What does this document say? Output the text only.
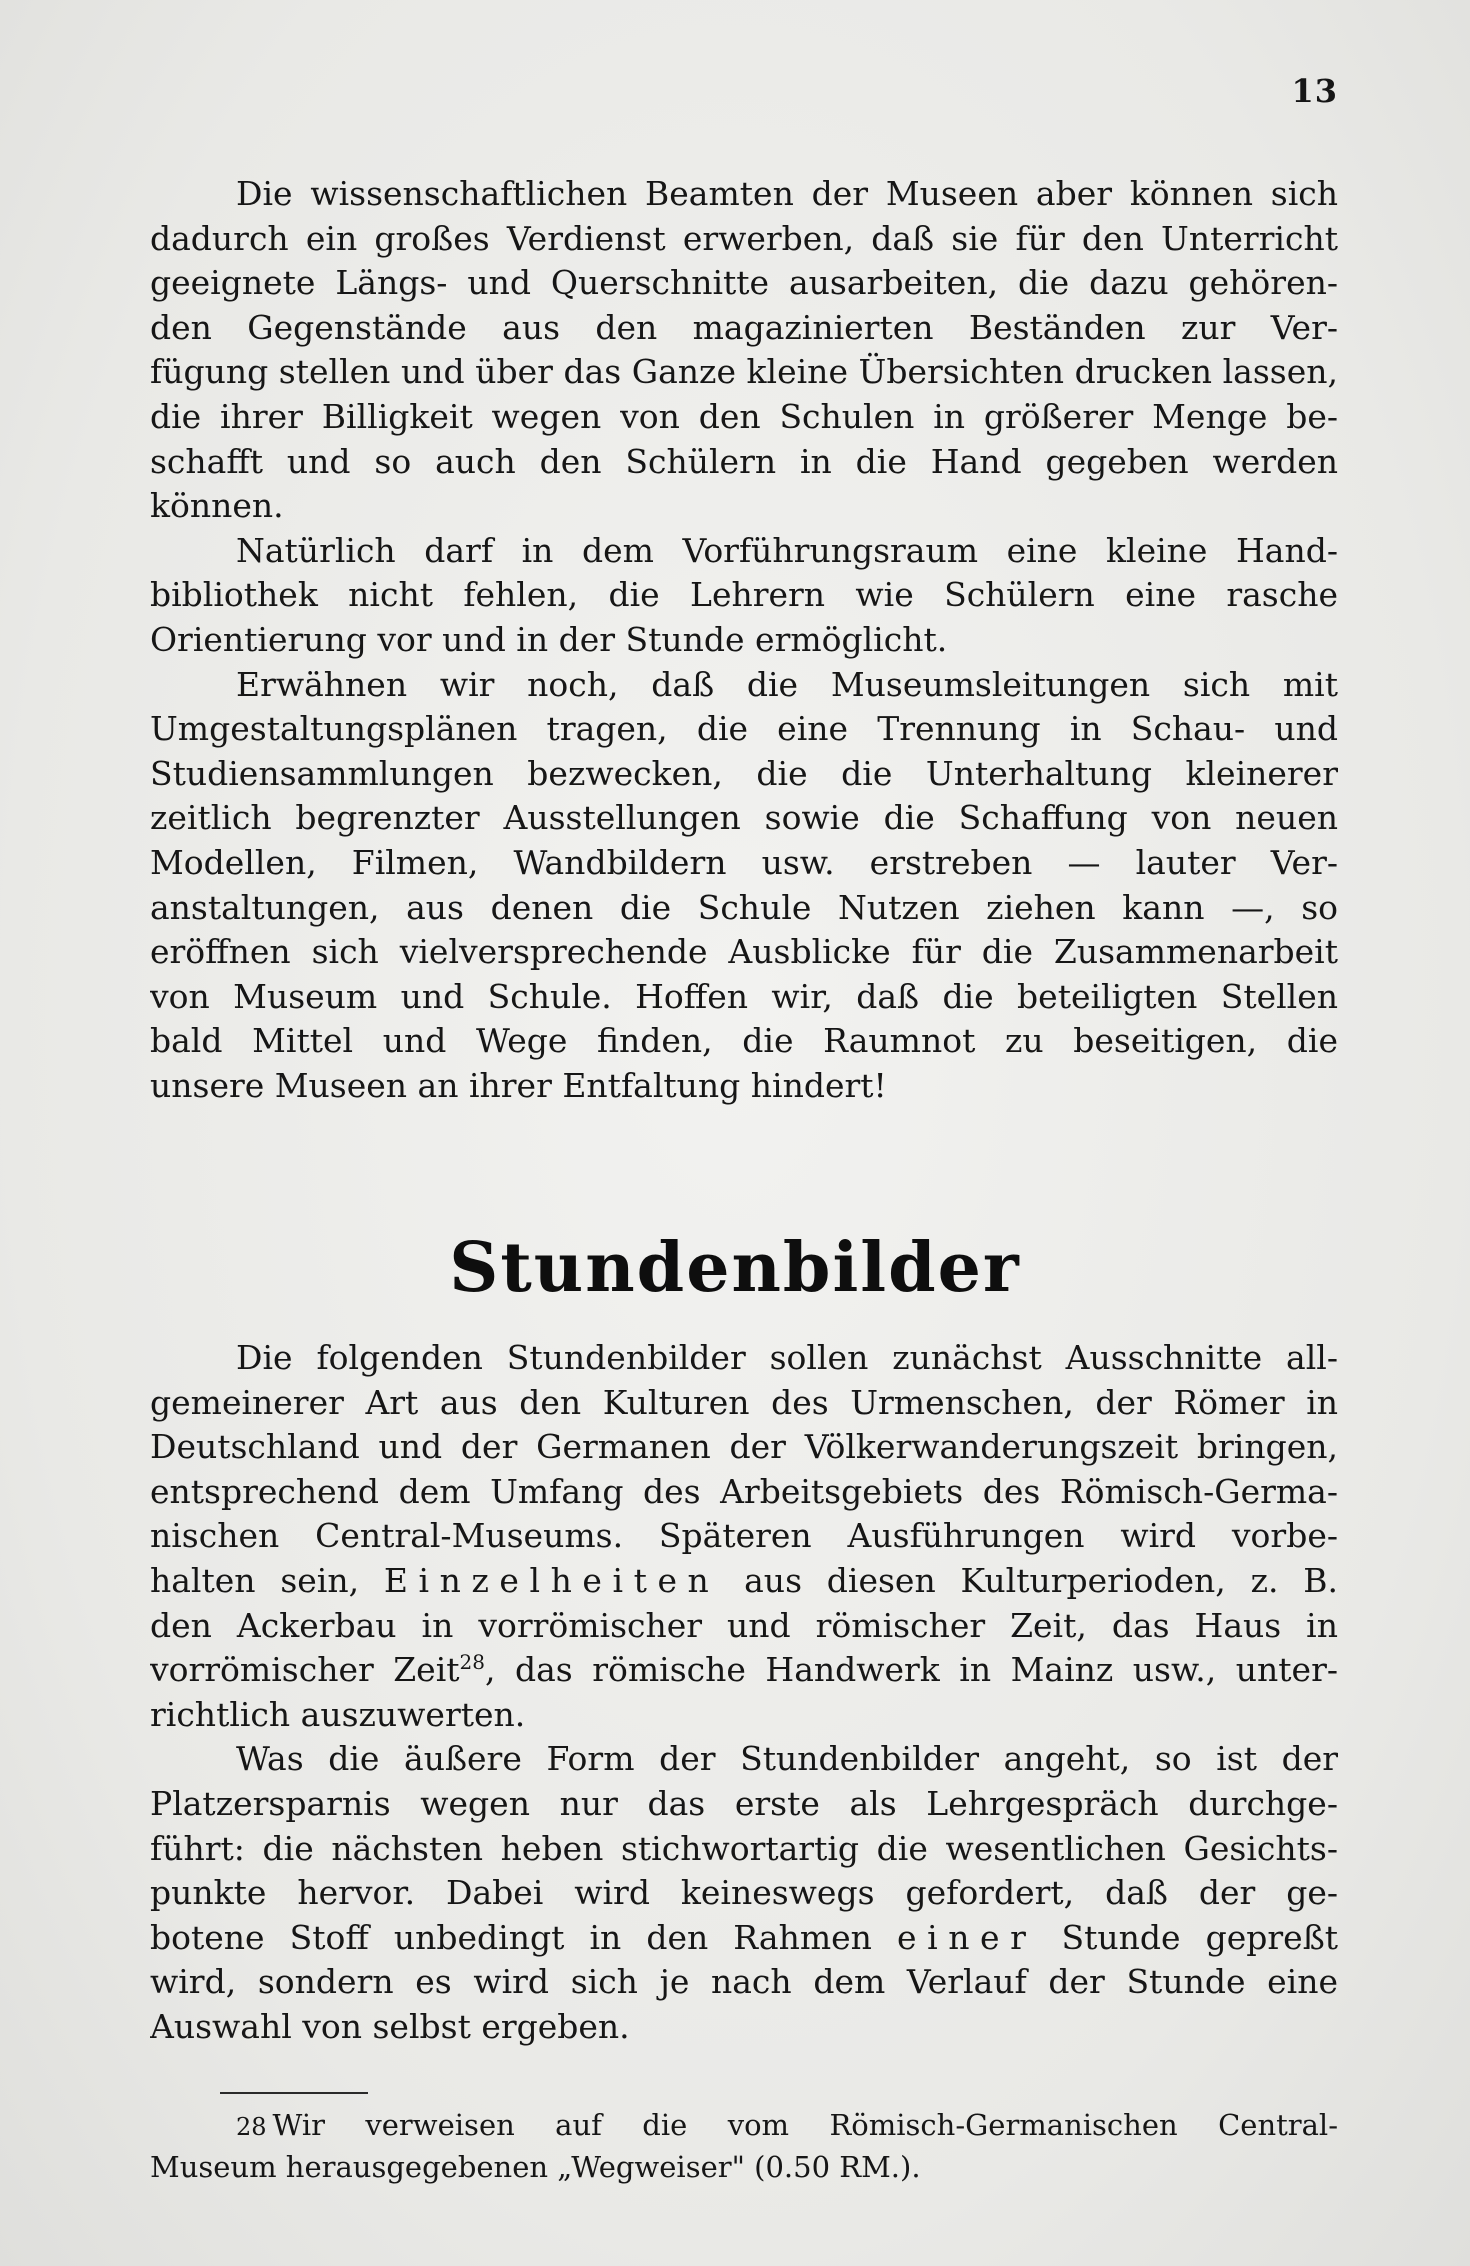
13
Die wissenschaftlichen Beamten der Museen aber können sich
dadurch ein großes Verdienst erwerben, daß sie für den Unterricht
geeignete Längs- und Querschnitte ausarbeiten, die dazu gehören-
den Gegenstände aus den magazinierten Beständen zur Ver-
fügung stellen und über das Ganze kleine Übersichten drucken lassen,
die ihrer Billigkeit wegen von den Schulen in größerer Menge be-
schafft und so auch den Schülern in die Hand gegeben werden
können.
Natürlich darf in dem Vorführungsraum eine kleine Hand-
bibliothek nicht fehlen, die Lehrern wie Schülern eine rasche
Orientierung vor und in der Stunde ermöglicht.
Erwähnen wir noch, daß die Museumsleitungen sich mit
Umgestaltungsplänen tragen, die eine Trennung in Schau- und
Studiensammlungen bezwecken, die die Unterhaltung kleinerer
zeitlich begrenzter Ausstellungen sowie die Schaffung von neuen
Modellen, Filmen, Wandbildern usw. erstreben — lauter Ver-
anstaltungen, aus denen die Schule Nutzen ziehen kann —, so
eröffnen sich vielversprechende Ausblicke für die Zusammenarbeit
von Museum und Schule. Hoffen wir, daß die beteiligten Stellen
bald Mittel und Wege finden, die Raumnot zu beseitigen, die
unsere Museen an ihrer Entfaltung hindert!
Stundenbilder
Die folgenden Stundenbilder sollen zunächst Ausschnitte all-
gemeinerer Art aus den Kulturen des Urmenschen, der Römer in
Deutschland und der Germanen der Völkerwanderungszeit bringen,
entsprechend dem Umfang des Arbeitsgebiets des Römisch-Germa-
nischen Central-Museums. Späteren Ausführungen wird vorbe-
halten sein, Einzelheiten aus diesen Kulturperioden, z. B.
den Ackerbau in vorrömischer und römischer Zeit, das Haus in
vorrömischer Zeit$^{28}$, das römische Handwerk in Mainz usw., unter-
richtlich auszuwerten.
Was die äußere Form der Stundenbilder angeht, so ist der
Platzersparnis wegen nur das erste als Lehrgespräch durchge-
führt: die nächsten heben stichwortartig die wesentlichen Gesichts-
punkte hervor. Dabei wird keineswegs gefordert, daß der ge-
botene Stoff unbedingt in den Rahmen einer Stunde gepreßt
wird, sondern es wird sich je nach dem Verlauf der Stunde eine
Auswahl von selbst ergeben.
28 Wir verweisen auf die vom Römisch-Germanischen Central-
Museum herausgegebenen „Wegweiser" (0.50 RM.).
